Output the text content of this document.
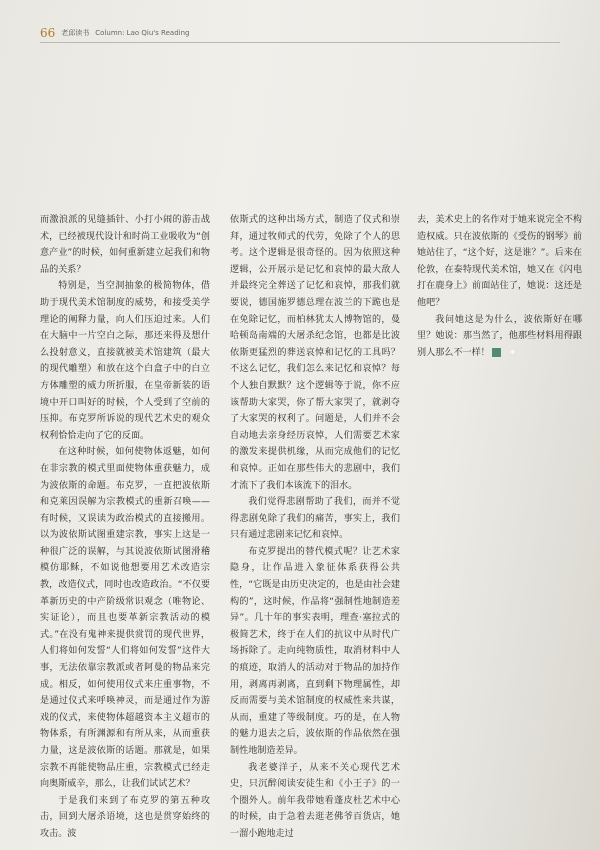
66 老邱读书 Column: Lao Qiu's Reading

而激浪派的见缝插针、小打小闹的游击战术，已经被现代设计和时尚工业吸收为“创意产业”的时候，如何重新建立起我们和物品的关系？

特别是，当空洞抽象的极简物体，借助于现代美术馆制度的威势，和接受美学理论的阐释力量，向人们压迫过来。人们在大脑中一片空白之际，那还来得及想什么投射意义，直接就被美术馆建筑（最大的现代雕塑）和放在这个白盒子中的白立方体雕塑的威力所折服，在皇帝新装的语境中开口叫好的时候，个人受到了空前的压抑。布克罗所诉说的现代艺术史的观众权利恰恰走向了它的反面。

在这种时候，如何使物体返魅，如何在非宗教的模式里面使物体重获魅力，成为波依斯的命题。布克罗，一直把波依斯和克莱因误解为宗教模式的重新召唤——有时候，又误读为政治模式的直接搬用。以为波依斯试图重建宗教，事实上这是一种很广泛的误解，与其说波依斯试图滑稽模仿耶稣，不如说他想要用艺术改造宗教，改造仪式，同时也改造政治。“不仅要革新历史的中产阶级常识观念（唯物论、实证论），而且也要革新宗教活动的模式。”在没有鬼神来提供赏罚的现代世界，人们将如何发誓“人们将如何发誓”这件大事，无法依靠宗教派或者阿曼的物品来完成。相反，如何使用仪式来庄重事物，不是通过仪式来呼唤神灵，而是通过作为游戏的仪式，来使物体超越资本主义超市的物体系，有所渊源和有所从来，从而重获力量，这是波依斯的话题。那就是，如果宗教不再能使物品庄重，宗教模式已经走向奥斯威辛，那么，让我们试试艺术？

于是我们来到了布克罗的第五种攻击，回到大屠杀语境，这也是贯穿始终的攻击。波

依斯式的这种出场方式，制造了仪式和崇拜，通过牧师式的代劳，免除了个人的思考。这个逻辑是很奇怪的。因为依照这种逻辑，公开展示是记忆和哀悼的最大敌人并最终完全葬送了记忆和哀悼，那我们就要说，德国施罗德总理在波兰的下跪也是在免除记忆，而柏林犹太人博物馆的，曼哈顿岛南端的大屠杀纪念馆，也都是比波依斯更猛烈的葬送哀悼和记忆的工具吗？不这么记忆，我们怎么来记忆和哀悼？每个人独自默默？这个逻辑等于说，你不应该帮助大家哭，你了帮大家哭了，就剥夺了大家哭的权利了。问题是，人们并不会自动地去亲身经历哀悼，人们需要艺术家的激发来提供机缘，从而完成他们的记忆和哀悼。正如在那些伟大的悲剧中，我们才流下了我们本该流下的泪水。

我们觉得悲剧帮助了我们，而并不觉得悲剧免除了我们的痛苦，事实上，我们只有通过悲剧来记忆和哀悼。

布克罗提出的替代模式呢？让艺术家隐身，让作品进入象征体系获得公共性，“它既是由历史决定的，也是由社会建构的”，这时候，作品将“强制性地制造差异”。几十年的事实表明，理查·塞拉式的极简艺术，终于在人们的抗议中从时代广场拆除了。走向纯物质性，取消材料中人的痕迹，取消人的活动对于物品的加持作用，剥离再剥离，直到剩下物理属性，却反而需要与美术馆制度的权威性来共谋，从而，重建了等级制度。巧的是，在人物的魅力退去之后，波依斯的作品依然在强制性地制造差异。

我老婆洋子，从来不关心现代艺术史，只沉醉阅读安徒生和《小王子》的一个圈外人。前年我带她看蓬皮杜艺术中心的时候，由于急着去逛老佛爷百货店，她一溜小跑地走过

去，美术史上的名作对于她来说完全不构造权威。只在波依斯的《受伤的钢琴》前她站住了，“这个好，这是谁？”。后来在伦敦，在泰特现代美术馆，她又在《闪电打在鹿身上》前面站住了，她说：这还是他吧？

我问她这是为什么，波依斯好在哪里？她说：那当然了，他那些材料用得跟别人那么不一样！	❖
